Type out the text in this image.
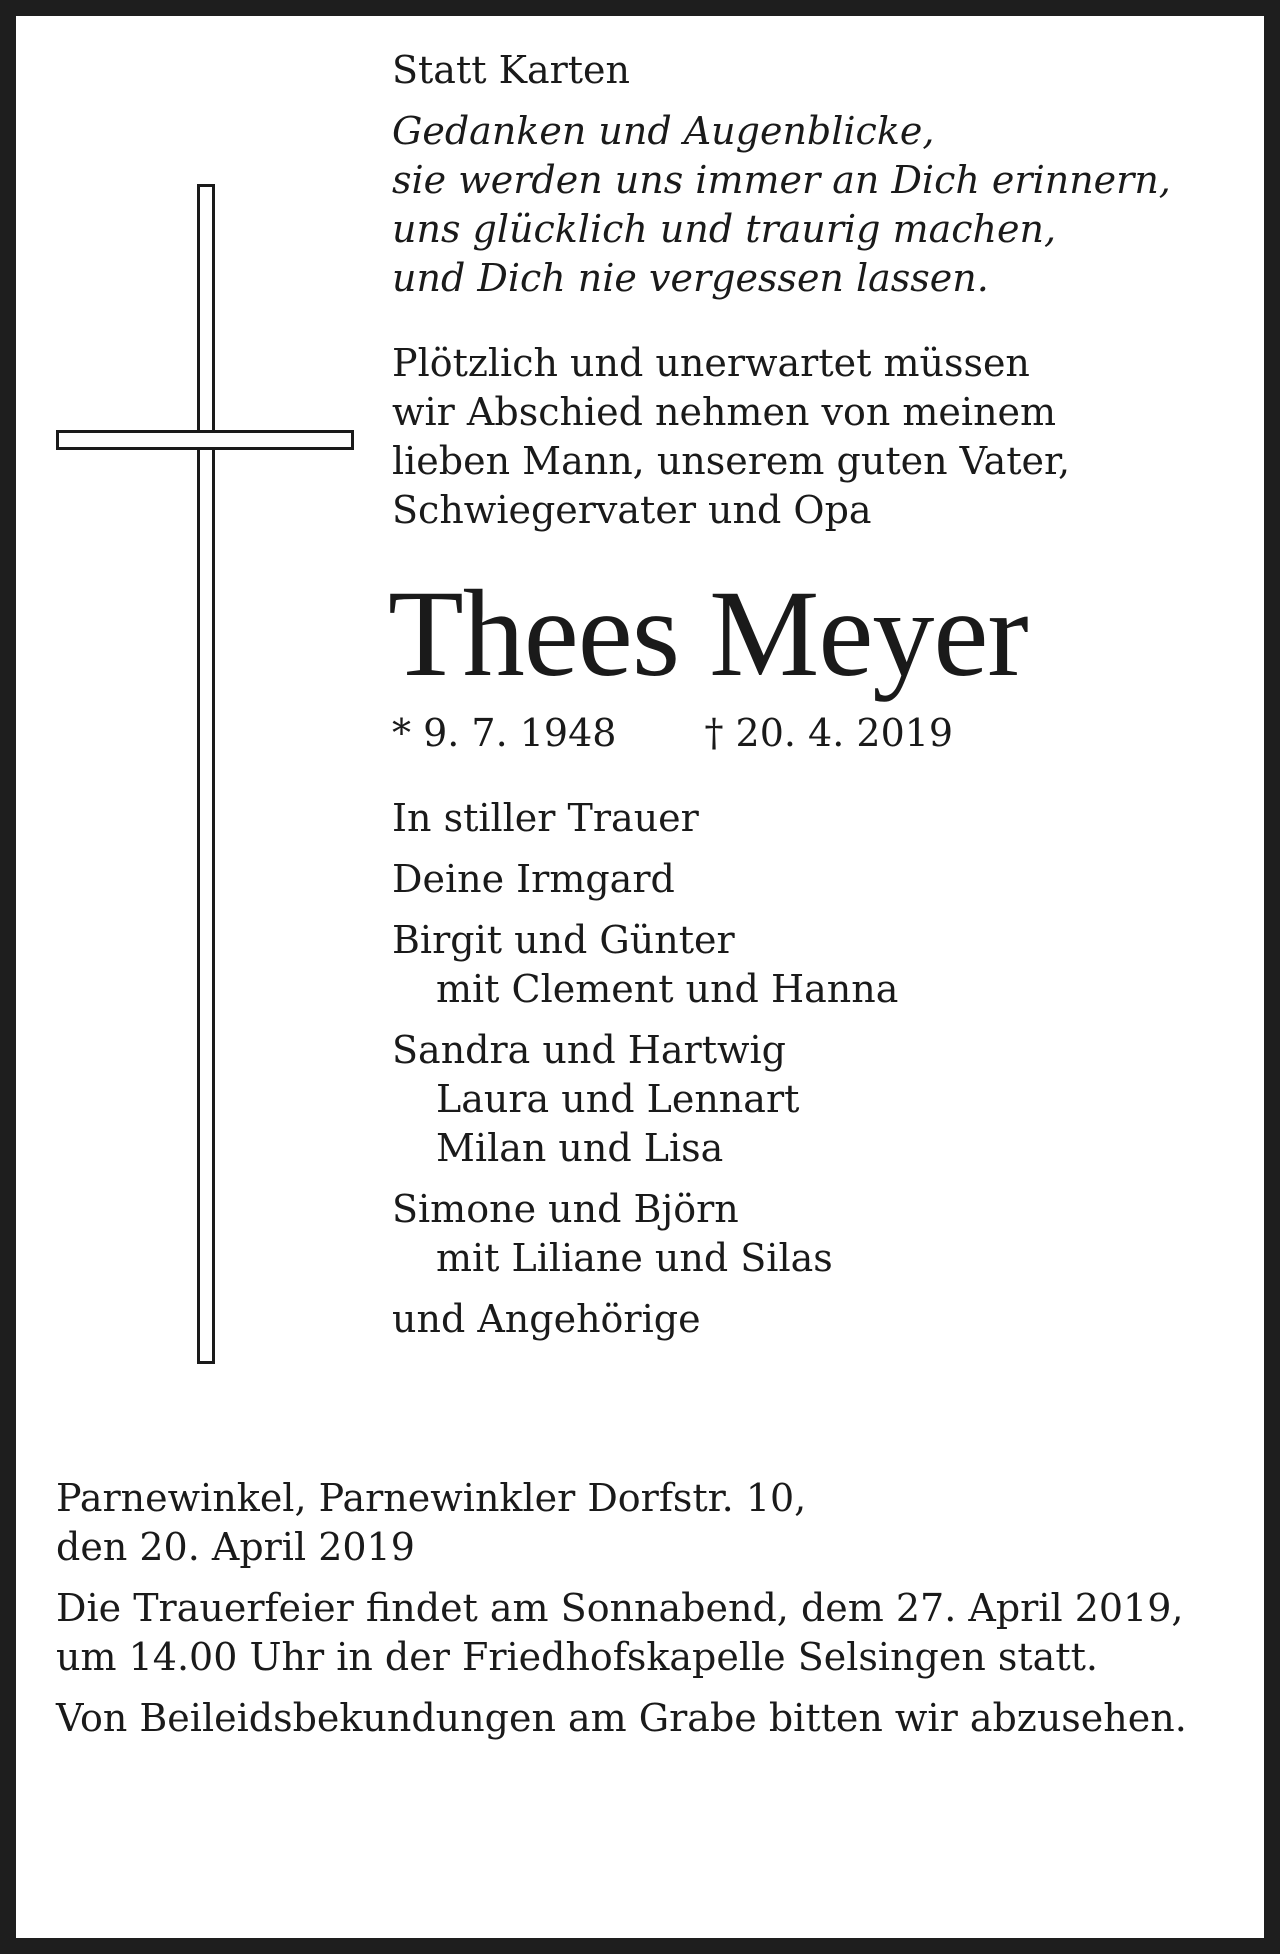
Statt Karten

Gedanken und Augenblicke,

sie werden uns immer an Dich erinnern,

uns glücklich und traurig machen,

und Dich nie vergessen lassen.

Plötzlich und unerwartet müssen

wir Abschied nehmen von meinem

lieben Mann, unserem guten Vater,

Schwiegervater und Opa

Thees Meyer
* 9. 7. 1948 † 20. 4. 2019

In stiller Trauer

Deine Irmgard

Birgit und Günter

mit Clement und Hanna

Sandra und Hartwig

Laura und Lennart

Milan und Lisa

Simone und Björn

mit Liliane und Silas

und Angehörige

Parnewinkel, Parnewinkler Dorfstr. 10,

den 20. April 2019

Die Trauerfeier findet am Sonnabend, dem 27. April 2019, um 14.00 Uhr in der Friedhofskapelle Selsingen statt.

Von Beileidsbekundungen am Grabe bitten wir abzusehen.
